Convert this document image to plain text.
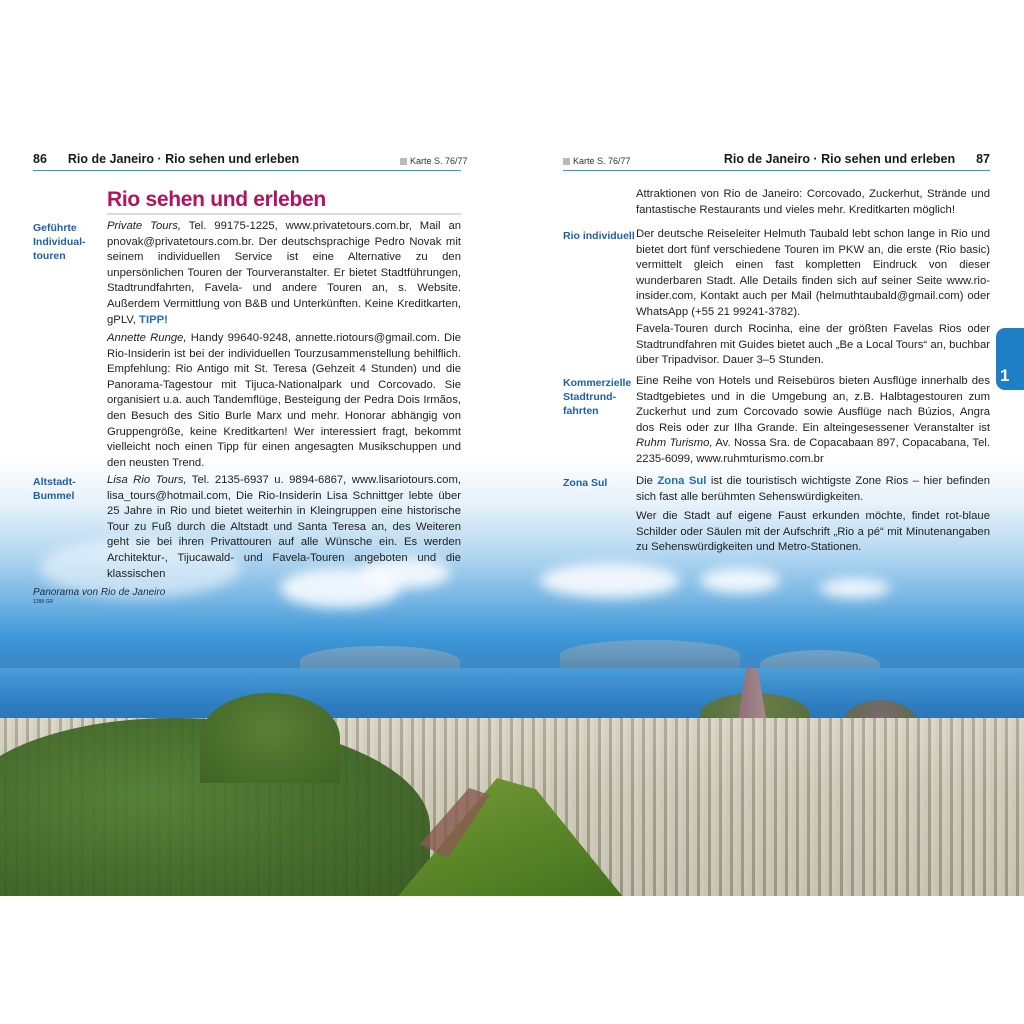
86 Rio de Janeiro · Rio sehen und erleben	Karte S. 76/77
Rio sehen und erleben
Geführte
Individual-
touren
Private Tours, Tel. 99175-1225, www.privatetours.com.br, Mail an pnovak@privatetours.com.br. Der deutschsprachige Pedro Novak mit seinem individuellen Service ist eine Alternative zu den unpersönlichen Touren der Tourveranstalter. Er bietet Stadtführungen, Stadtrundfahrten, Favela- und andere Touren an, s. Website. Außerdem Vermittlung von B&B und Unterkünften. Keine Kreditkarten, gPLV, TIPP!
Annette Runge, Handy 99640-9248, annette.riotours@gmail.com. Die Rio-Insiderin ist bei der individuellen Tourzusammenstellung behilflich. Empfehlung: Rio Antigo mit St. Teresa (Gehzeit 4 Stunden) und die Panorama-Tagestour mit Tijuca-Nationalpark und Corcovado. Sie organisiert u.a. auch Tandemflüge, Besteigung der Pedra Dois Irmãos, den Besuch des Sitio Burle Marx und mehr. Honorar abhängig von Gruppengröße, keine Kreditkarten! Wer interessiert fragt, bekommt vielleicht noch einen Tipp für einen angesagten Musikschuppen und den neusten Trend.
Altstadt-
Bummel
Lisa Rio Tours, Tel. 2135-6937 u. 9894-6867, www.lisariotours.com, lisa_tours@hotmail.com, Die Rio-Insiderin Lisa Schnittger lebte über 25 Jahre in Rio und bietet weiterhin in Kleingruppen eine historische Tour zu Fuß durch die Altstadt und Santa Teresa an, des Weiteren geht sie bei ihren Privattouren auf alle Wünsche ein. Es werden Architektur-, Tijucawald- und Favela-Touren angeboten und die klassischen
Panorama von Rio de Janeiro
1288 GR
Karte S. 76/77	Rio de Janeiro · Rio sehen und erleben 87
Attraktionen von Rio de Janeiro: Corcovado, Zuckerhut, Strände und fantastische Restaurants und vieles mehr. Kreditkarten möglich!
Rio individuell Der deutsche Reiseleiter Helmuth Taubald lebt schon lange in Rio und bietet dort fünf verschiedene Touren im PKW an, die erste (Rio basic) vermittelt gleich einen fast kompletten Eindruck von dieser wunderbaren Stadt. Alle Details finden sich auf seiner Seite www.rio-insider.com, Kontakt auch per Mail (helmuthtaubald@gmail.com) oder WhatsApp (+55 21 99241-3782).
Favela-Touren durch Rocinha, eine der größten Favelas Rios oder Stadtrundfahren mit Guides bietet auch „Be a Local Tours“ an, buchbar über Tripadvisor. Dauer 3–5 Stunden.
Kommerzielle
Stadtrund-
fahrten
Eine Reihe von Hotels und Reisebüros bieten Ausflüge innerhalb des Stadtgebietes und in die Umgebung an, z.B. Halbtagestouren zum Zuckerhut und zum Corcovado sowie Ausflüge nach Búzios, Angra dos Reis oder zur Ilha Grande. Ein alteingesessener Veranstalter ist Ruhm Turismo, Av. Nossa Sra. de Copacabaan 897, Copacabana, Tel. 2235-6099, www.ruhmturismo.com.br
Zona Sul	Die Zona Sul ist die touristisch wichtigste Zone Rios – hier befinden sich fast alle berühmten Sehenswürdigkeiten.
Wer die Stadt auf eigene Faust erkunden möchte, findet rot-blaue Schilder oder Säulen mit der Aufschrift „Rio a pé“ mit Minutenangaben zu Sehenswürdigkeiten und Metro-Stationen.
1
